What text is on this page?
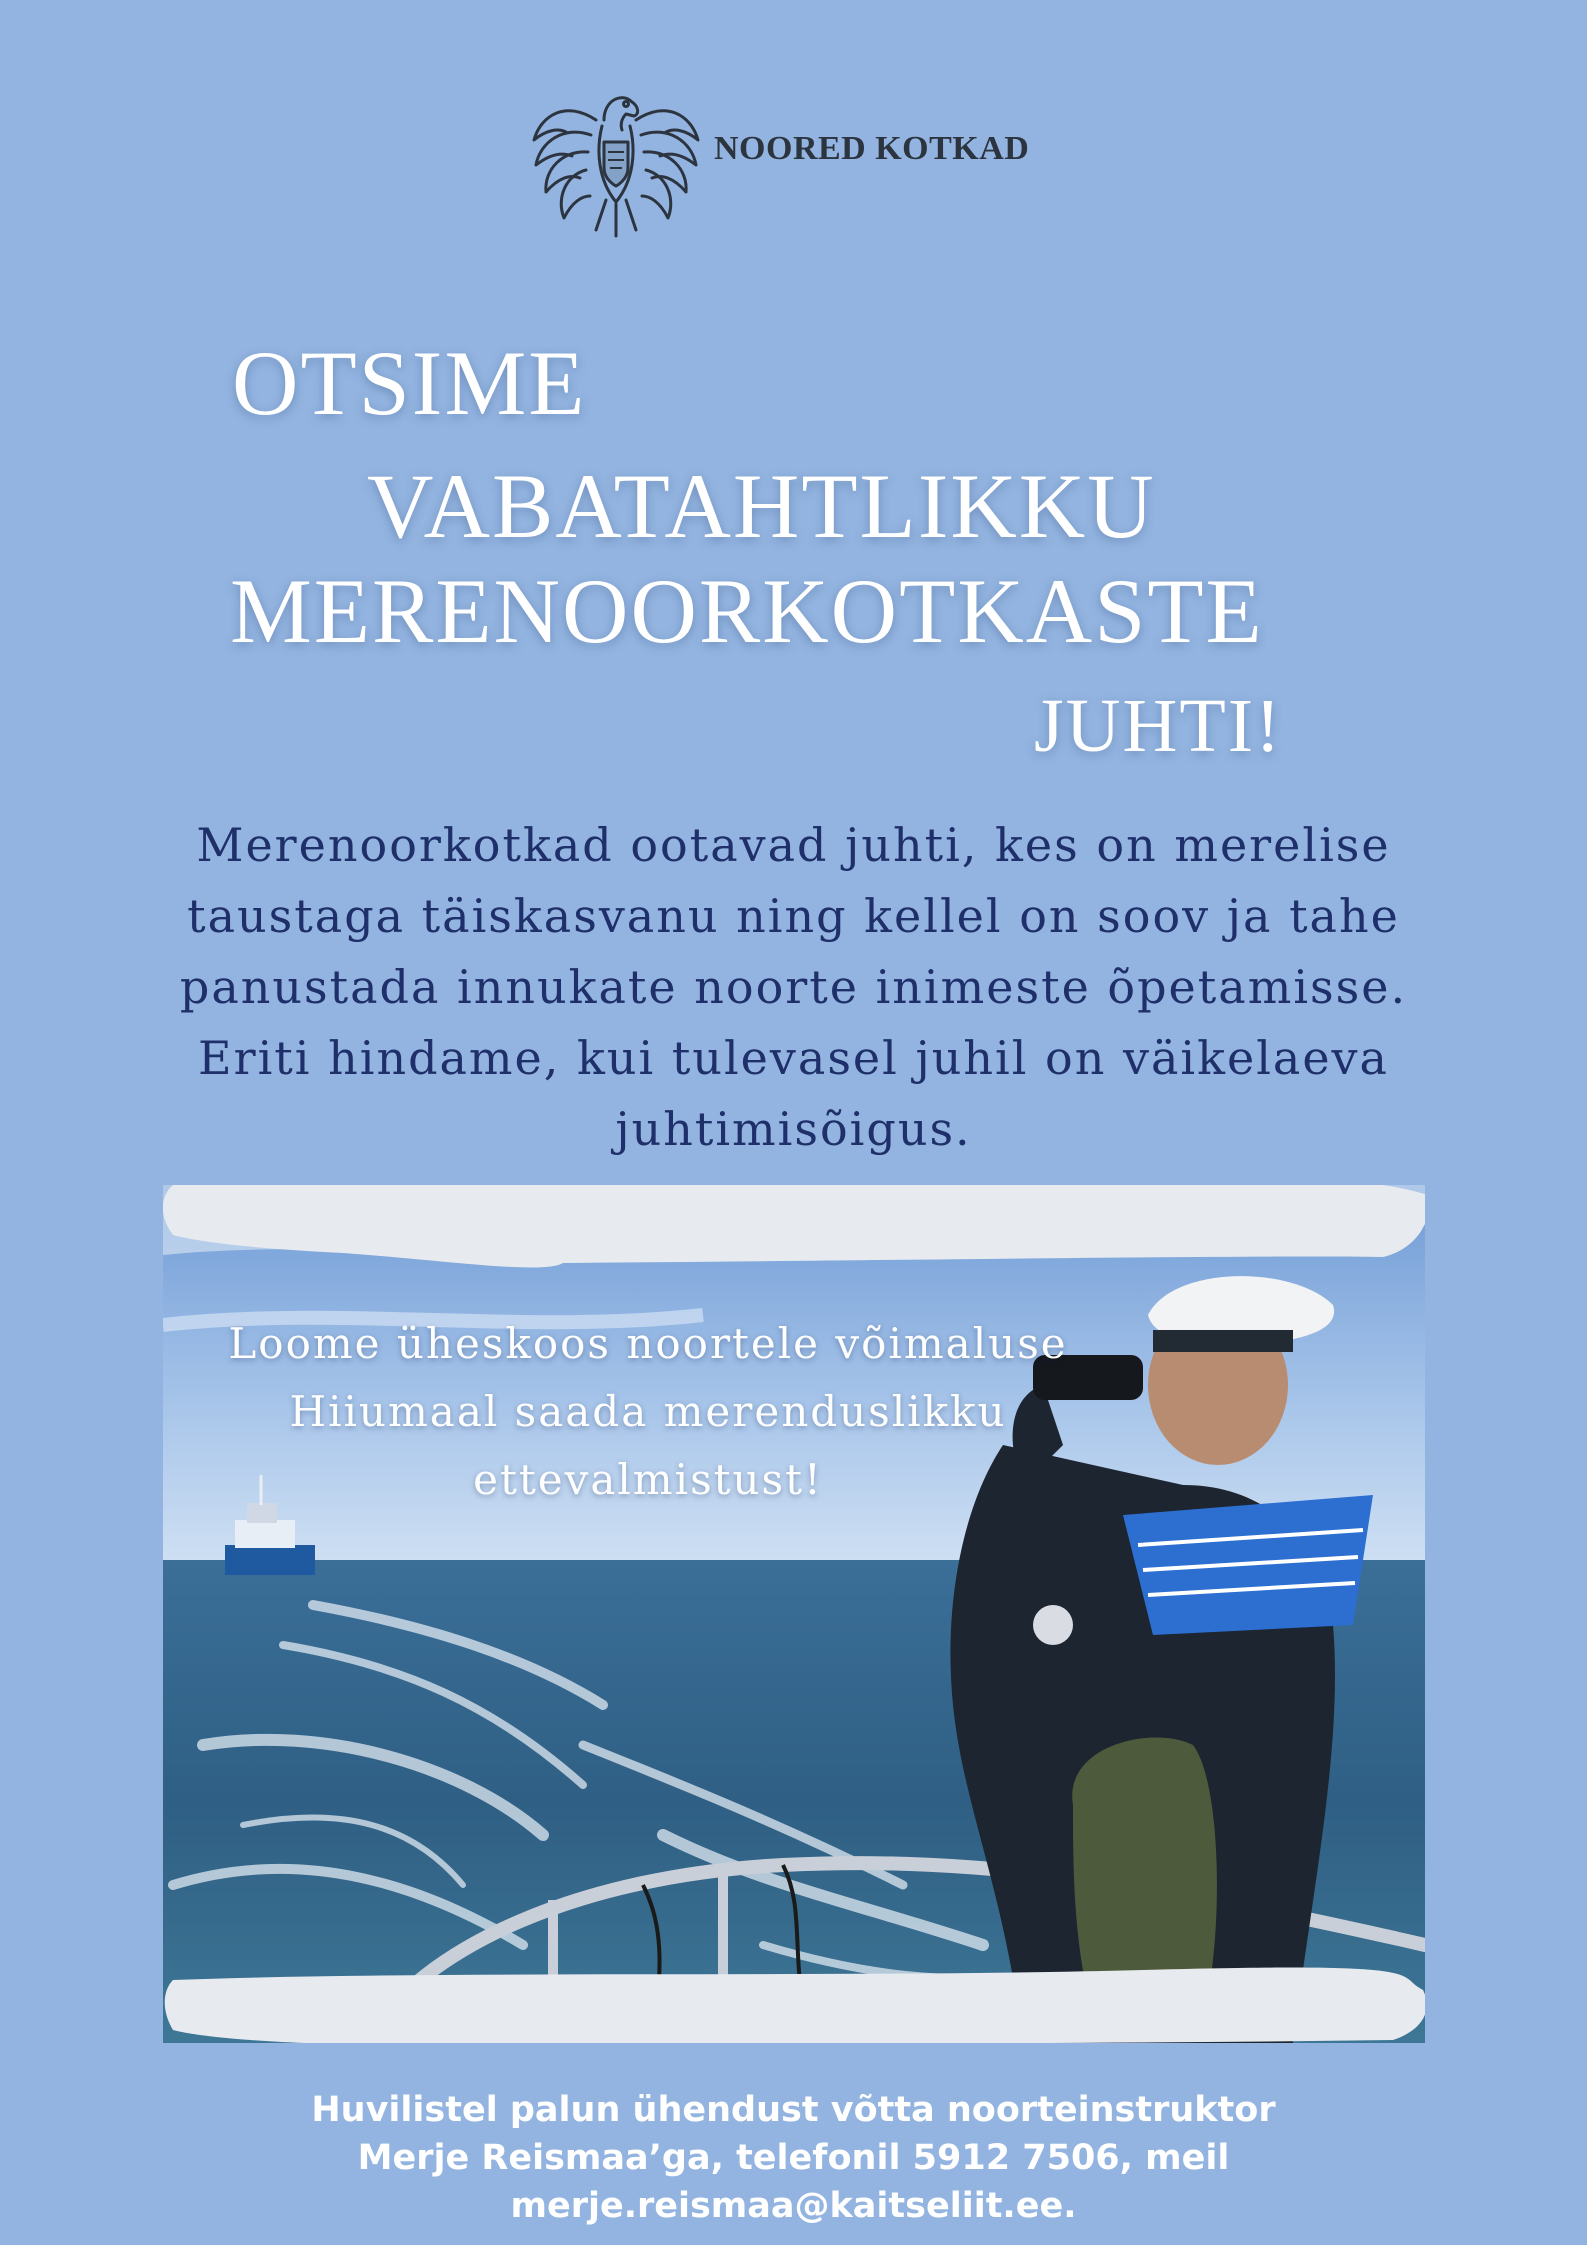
NOORED KOTKAD
OTSIME
VABATAHTLIKKU
MERENOORKOTKASTE
JUHTI!

Merenoorkotkad ootavad juhti, kes on merelise
taustaga täiskasvanu ning kellel on soov ja tahe
panustada innukate noorte inimeste õpetamisse.
Eriti hindame, kui tulevasel juhil on väikelaeva
juhtimisõigus.

Loome üheskoos noortele võimaluse
Hiiumaal saada merenduslikku
ettevalmistust!

Huvilistel palun ühendust võtta noorteinstruktor
Merje Reismaa’ga, telefonil 5912 7506, meil
merje.reismaa@kaitseliit.ee.
